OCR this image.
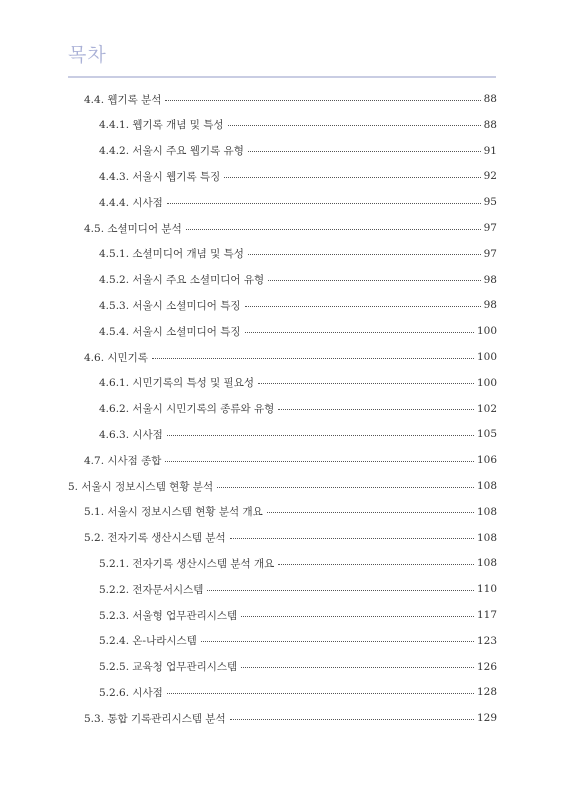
목차
4.4. 웹기록 분석	88
4.4.1. 웹기록 개념 및 특성	88
4.4.2. 서울시 주요 웹기록 유형	91
4.4.3. 서울시 웹기록 특징	92
4.4.4. 시사점	95
4.5. 소셜미디어 분석	97
4.5.1. 소셜미디어 개념 및 특성	97
4.5.2. 서울시 주요 소셜미디어 유형	98
4.5.3. 서울시 소셜미디어 특징	98
4.5.4. 서울시 소셜미디어 특징	100
4.6. 시민기록	100
4.6.1. 시민기록의 특성 및 필요성	100
4.6.2. 서울시 시민기록의 종류와 유형	102
4.6.3. 시사점	105
4.7. 시사점 종합	106
5. 서울시 정보시스템 현황 분석	108
5.1. 서울시 정보시스템 현황 분석 개요	108
5.2. 전자기록 생산시스템 분석	108
5.2.1. 전자기록 생산시스템 분석 개요	108
5.2.2. 전자문서시스템	110
5.2.3. 서울형 업무관리시스템	117
5.2.4. 온-나라시스템	123
5.2.5. 교육청 업무관리시스템	126
5.2.6. 시사점	128
5.3. 통합 기록관리시스템 분석	129
